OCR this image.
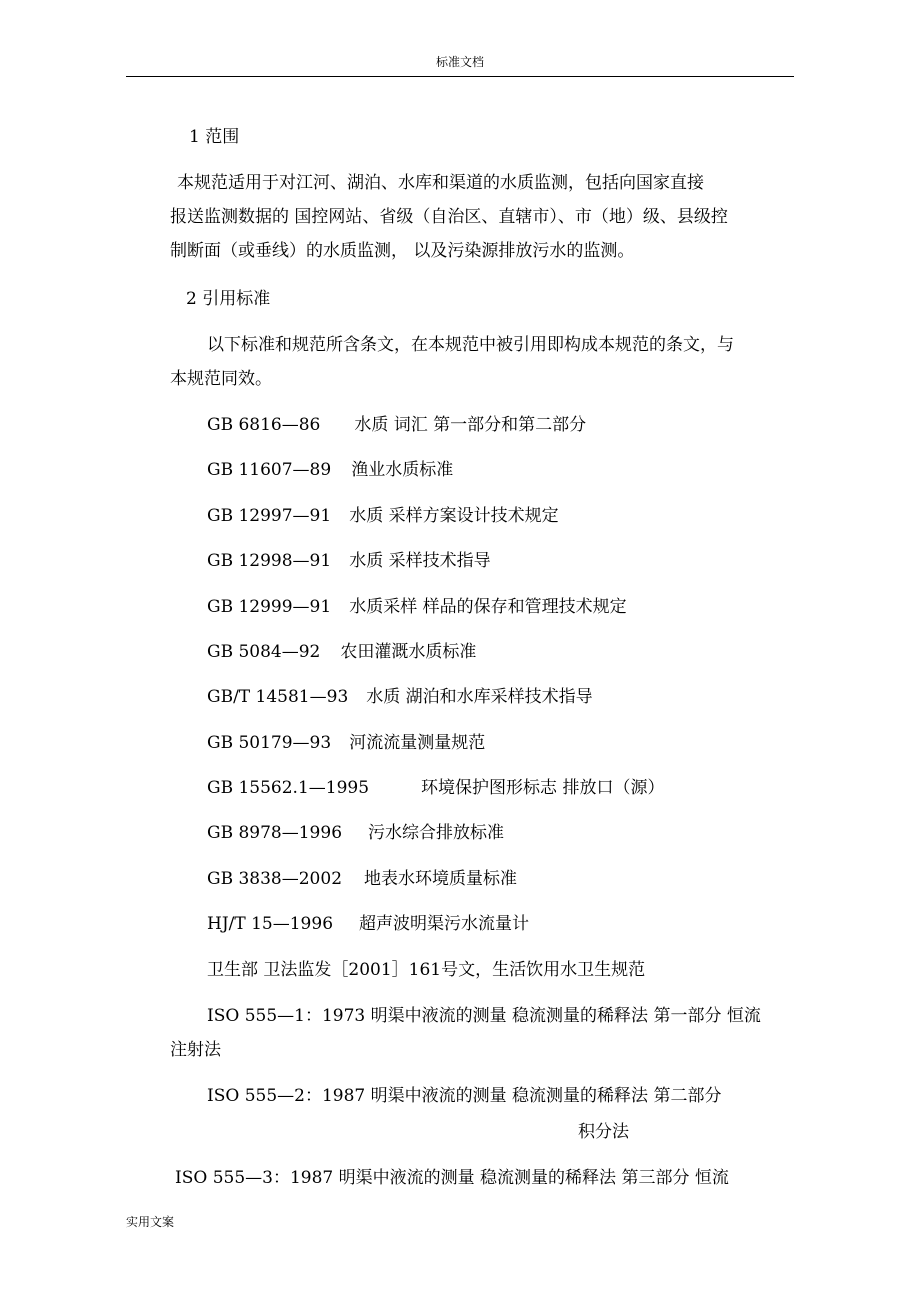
标准文档
1 范围
本规范适用于对江河、湖泊、水库和渠道的水质监测，包括向国家直接
报送监测数据的 国控网站、省级（自治区、直辖市）、市（地）级、县级控
制断面（或垂线）的水质监测， 以及污染源排放污水的监测。
2 引用标准
以下标准和规范所含条文，在本规范中被引用即构成本规范的条文，与
本规范同效。
GB 6816—86 水质 词汇 第一部分和第二部分
GB 11607—89 渔业水质标准
GB 12997—91 水质 采样方案设计技术规定
GB 12998—91 水质 采样技术指导
GB 12999—91 水质采样 样品的保存和管理技术规定
GB 5084—92 农田灌溉水质标准
GB/T 14581—93 水质 湖泊和水库采样技术指导
GB 50179—93 河流流量测量规范
GB 15562.1—1995	环境保护图形标志 排放口（源）
GB 8978—1996 污水综合排放标准
GB 3838—2002 地表水环境质量标准
HJ/T 15—1996 超声波明渠污水流量计
卫生部 卫法监发［2001］161号文，生活饮用水卫生规范
ISO 555—1：1973 明渠中液流的测量 稳流测量的稀释法 第一部分 恒流
注射法
ISO 555—2：1987 明渠中液流的测量 稳流测量的稀释法 第二部分
积分法
ISO 555—3：1987 明渠中液流的测量 稳流测量的稀释法 第三部分 恒流
实用文案
